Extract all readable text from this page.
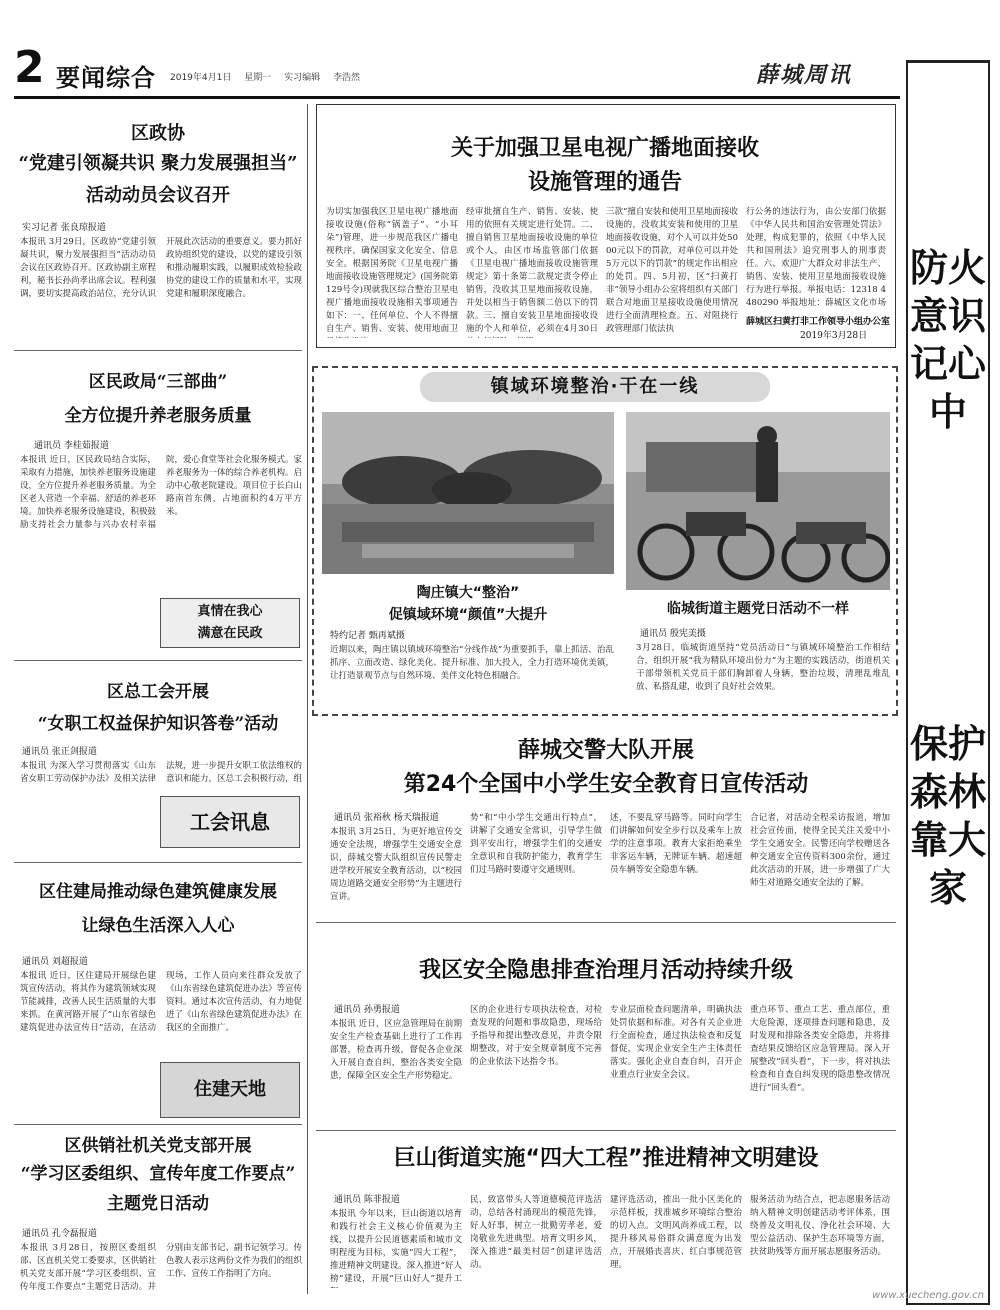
2 要闻综合 2019年4月1日 星期一 实习编辑 李浩然	薛城周讯
防火意识记心中
保护森林靠大家
区政协
“党建引领凝共识 聚力发展强担当”
活动动员会议召开
实习记者 张良琼报道
本报讯 3月29日，区政协“党建引领凝共识，聚力发展强担当”活动动员会议在区政协召开。区政协副主席程利，秘书长孙尚孝出席会议。程利强调，要切实提高政治站位，充分认识开展此次活动的重要意义。要力抓好政协组织党的建设，以党的建设引领和推动履职实践，以履职成效检验政协党的建设工作的质量和水平，实现党建和履职深度融合。
区民政局“三部曲”
全方位提升养老服务质量
通讯员 李桂茹报道
本报讯 近日，区民政局结合实际，采取有力措施，加快养老服务设施建设，全方位提升养老服务质量。为全区老人营造一个幸福、舒适的养老环境。加快养老服务设施建设，积极鼓励支持社会力量参与兴办农村幸福院，爱心食堂等社会化服务模式。家养老服务为一体的综合养老机构。启动中心敬老院建设。项目位于长白山路南首东侧，占地面积约4万平方米。
真情在我心
满意在民政
区总工会开展
“女职工权益保护知识答卷”活动
通讯员 张正剑报道
本报讯 为深入学习贯彻落实《山东省女职工劳动保护办法》及相关法律法规，进一步提升女职工依法维权的意识和能力，区总工会积极行动，组
工会讯息
区住建局推动绿色建筑健康发展
让绿色生活深入人心
通讯员 刘超报道
本报讯 近日，区住建局开展绿色建筑宣传活动，将其作为建筑领域实现节能减排，改善人民生活质量的大事来抓。在黄河路开展了“山东省绿色建筑促进办法宣传日”活动，在活动现场，工作人员向来往群众发放了《山东省绿色建筑促进办法》等宣传资料。通过本次宣传活动，有力地促进了《山东省绿色建筑促进办法》在我区的全面推广。
住建天地
区供销社机关党支部开展
“学习区委组织、宣传年度工作要点”
主题党日活动
通讯员 孔令磊报道
本报讯 3月28日，按照区委组织部、区直机关党工委要求，区供销社机关党支部开展“学习区委组织、宣传年度工作要点”主题党日活动。并分别由支部书记、副书记领学习。传色教人表示这两份文件为我们的组织工作、宣传工作指明了方向。
关于加强卫星电视广播地面接收
设施管理的通告
为切实加强我区卫星电视广播地面接收设施(俗称“锅盖子”、“小耳朵”)管理，进一步规范我区广播电视秩序，确保国家文化安全、信息安全。根据国务院《卫星电视广播地面接收设施管理规定》(国务院第129号令)现就我区综合整治卫星电视广播地面接收设施相关事项通告如下：一、任何单位、个人不得擅自生产、销售、安装、使用地面卫
经审批擅自生产、销售、安装、使用的依照有关规定进行处罚。二、擅自销售卫星地面接收设施的单位或个人，由区市场监管部门依据《卫星电视广播地面接收设施管理规定》第十条第二款规定责令停止销售，没收其卫星地面接收设施，并处以相当于销售额二倍以下的罚款。三、擅自安装卫星地面接收设施的个人和单位，必须在4月30日
三款“擅自安装和使用卫星地面接收设施的，没收其安装和使用的卫星地面接收设施，对个人可以并处5000元以下的罚款，对单位可以并处5万元以下的罚款”的规定作出相应的处罚。四、5月初，区“扫黄打非”领导小组办公室将组织有关部门联合对地面卫星接收设施使用情况进行全面清理检查。五、对阻挠行政管理部门依法执
行公务的违法行为，由公安部门依据《中华人民共和国治安管理处罚法》处理，构成犯罪的，依照《中华人民共和国刑法》追究刑事人的刑事责任。六、欢迎广大群众对非法生产、销售、安装、使用卫星地面接收设施行为进行举报。举报电话：12318 4480290 举报地址：薛城区文化市场
薛城区扫黄打非工作领导小组办公室
2019年3月28日
镇域环境整治·干在一线
陶庄镇大“整治”
促镇域环境“颜值”大提升
特约记者 甄再斌摄
近期以来，陶庄镇以镇域环境整治“分线作战”为重要抓手，靠上抓活、治乱抓序、立面改造、绿化美化、提升标准、加大投入，全力打造环境优美镇，让打造景观节点与自然环境、美伴文化特色相融合。
临城街道主题党日活动不一样
通讯员 殷宪美摄
3月28日，临城街道坚持“党员活动日”与镇域环境整治工作相结合，组织开展“我为精队环境出份力”为主题的实践活动，街道机关干部带领机关党员干部们胸卸着人身辆，整治垃圾，清理乱堆乱放、私搭乱建，收到了良好社会效果。
薛城交警大队开展
第24个全国中小学生安全教育日宣传活动
通讯员 张裕秋 杨天瑞报道
本报讯 3月25日，为更好地宣传交通安全法规，增强学生交通安全意识，薛城交警大队组织宣传民警走进学校开展安全教育活动，以“校园周边道路交通安全形势”为主题进行宣讲。
势”和“中小学生交通出行特点”，讲解了交通安全常识，引导学生做到平安出行，增强学生们的交通安全意识和自我防护能力，教育学生们过马路时要遵守交通规则。
述，不要乱穿马路等。同时向学生们讲解如何安全步行以及乘车上放学的注意事项。教育大家拒绝乘坐非客运车辆，无牌证车辆、超速超员车辆等安全隐患车辆。
合记者，对活动全程采访报道，增加社会宣传面，使得全民关注关爱中小学生交通安全。民警还向学校赠送各种交通安全宣传资料300余份，通过此次活动的开展，进一步增强了广大师生对道路交通安全法的了解。
我区安全隐患排查治理月活动持续升级
通讯员 孙勇报道
本报讯 近日，区应急管理局在前期安全生产检查基础上进行了工作再部署，检查再升级，督促各企业深入开展自查自纠，整治各类安全隐患，保障全区安全生产形势稳定。
区的企业进行专项执法检查，对检查发现的问题和事故隐患，现场给予指导和提出整改意见，并责令限期整改，对于安全规章制度不完善的企业依法下达指令书。
专业层面检查问题清单，明确执法处罚依据和标准。对各有关企业进行全面检查，通过执法检查和反复督促，实现企业安全生产主体责任落实。强化企业自查自纠，召开企业重点行业安全会议。
重点环节、重点工艺、重点部位，重大危险源，逐项排查问题和隐患，及时发现和排除各类安全隐患，并将排查结果反馈给区应急管理局。深入开展整改“回头看”，下一步，将对执法检查和自查自纠发现的隐患整改情况进行“回头看”。
巨山街道实施“四大工程”推进精神文明建设
通讯员 陈菲报道
本报讯 今年以来，巨山街道以培育和践行社会主义核心价值观为主线，以提升公民道德素质和城市文明程度为目标，实施“四大工程”，推进精神文明建设。深入推进“好人榜”建设，开展“巨山好人”提升工
民，致富带头人等道德模范评选活动，总结各村涌现出的模范先锋，好人好事，树立一批勤劳孝老，爱岗敬业先进典型。培育文明乡风，深入推进“最美村居”创建评选活动。
建评选活动，推出一批小区美化的示范样板，找准城乡环境综合整治的切入点。文明风尚养成工程，以提升移风易俗群众满意度为出发点，开展婚丧喜庆、红白事规范管理。
服务活动为结合点，把志愿服务活动纳入精神文明创建活动考评体系，围绕普及文明礼仪、净化社会环境、大型公益活动、保护生态环境等方面，扶贫助残等方面开展志愿服务活动。
www.xuecheng.gov.cn
